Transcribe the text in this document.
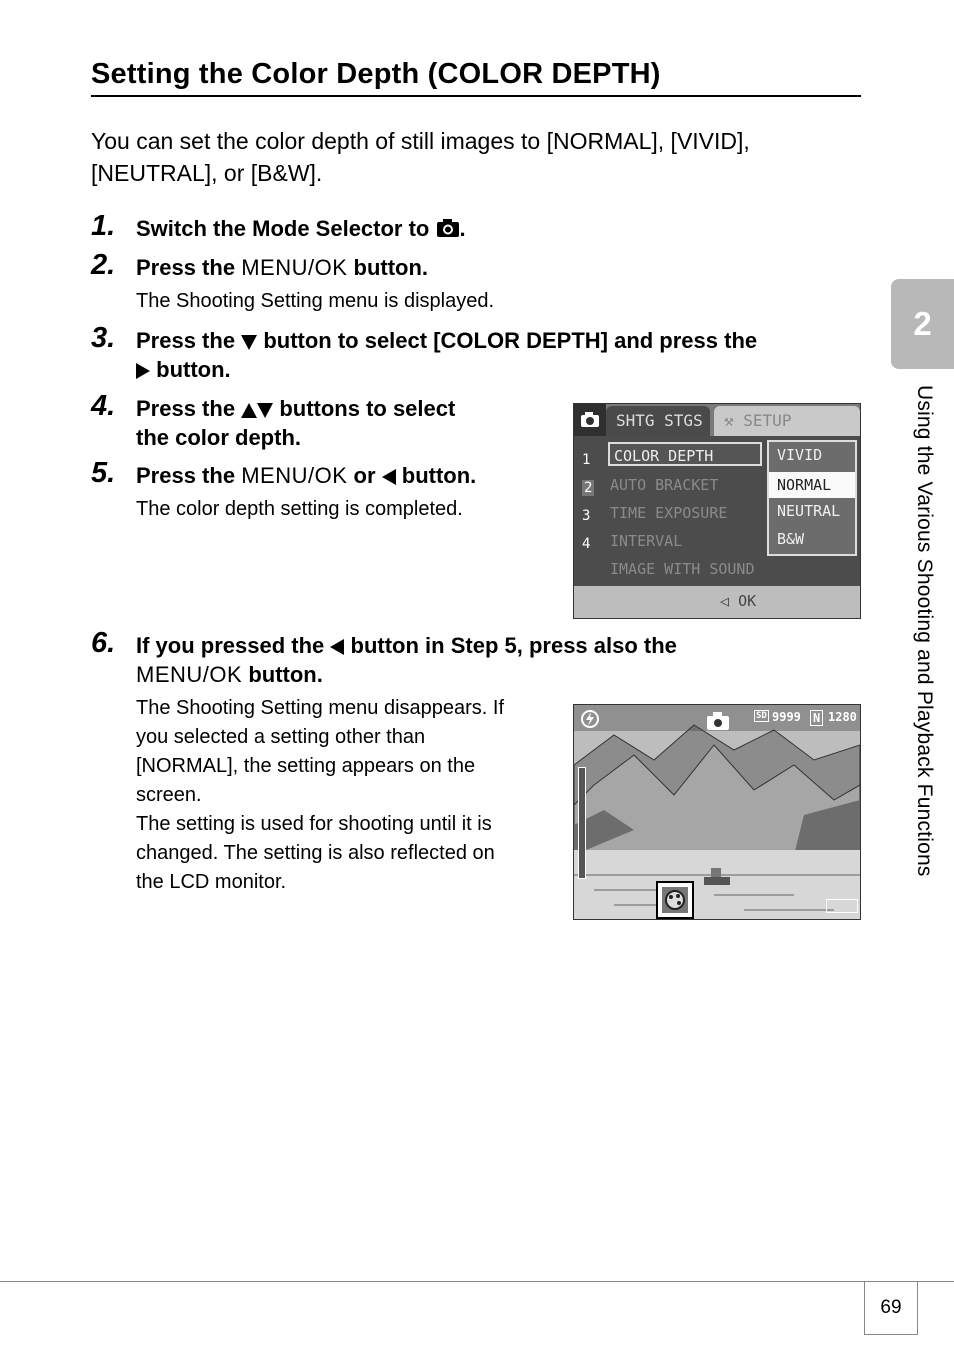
Setting the Color Depth (COLOR DEPTH)
You can set the color depth of still images to [NORMAL], [VIVID], [NEUTRAL], or [B&W].
1. Switch the Mode Selector to .
2. Press the MENU/OK button.
The Shooting Setting menu is displayed.
3. Press the button to select [COLOR DEPTH] and press the
button.
4. Press the buttons to select
the color depth.
5. Press the MENU/OK or button.
The color depth setting is completed.
SHTG STGS	⚒ SETUP
1
2
3
4
COLOR DEPTH
AUTO BRACKET
TIME EXPOSURE
INTERVAL
IMAGE WITH SOUND
VIVID
NORMAL
NEUTRAL
B&W
◁ OK
6. If you pressed the button in Step 5, press also the
MENU/OK button.
The Shooting Setting menu disappears. If
you selected a setting other than
[NORMAL], the setting appears on the
screen.
The setting is used for shooting until it is
changed. The setting is also reflected on
the LCD monitor.
SD 9999 N 1280
2
Using the Various Shooting and Playback Functions
69
